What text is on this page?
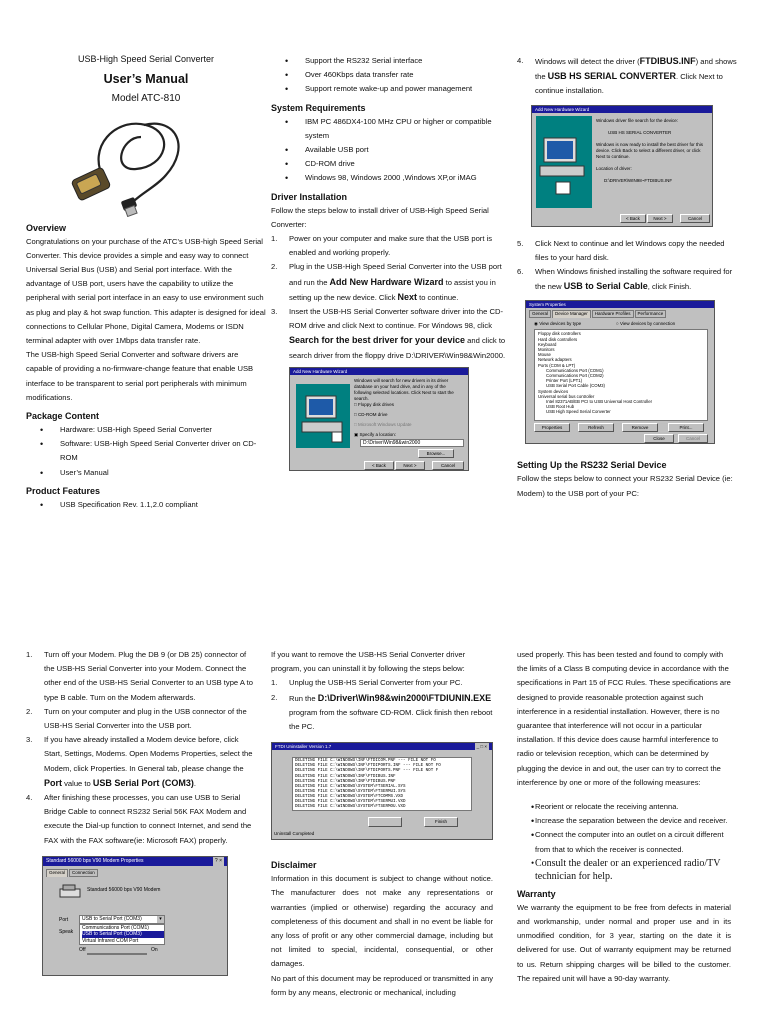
USB-High Speed Serial Converter
User’s Manual
Model ATC-810
Overview

Congratulations on your purchase of the ATC’s USB-high Speed Serial Converter. This device provides a simple and easy way to connect Universal Serial Bus (USB) and Serial port interface. With the advantage of USB port, users have the capability to utilize the peripheral with serial port interface in an easy to use environment such as plug and play & hot swap function. This adapter is designed for ideal connections to Cellular Phone, Digital Camera, Modems or ISDN terminal adapter with over 1Mbps data transfer rate.

The USB-high Speed Serial Converter and software drivers are capable of providing a no-firmware-change feature that enable USB interface to be transparent to serial port peripherals with minimum modifications.

Package Content
• Hardware: USB-High Speed Serial Converter
• Software: USB-High Speed Serial Converter driver on CD-ROM
• User’s Manual
Product Features
• USB Specification Rev. 1.1,2.0 compliant
• Support the RS232 Serial interface
• Over 460Kbps data transfer rate
• Support remote wake-up and power management
System Requirements
• IBM PC 486DX4-100 MHz CPU or higher or compatible system
• Available USB port
• CD-ROM drive
• Windows 98, Windows 2000 ,Windows XP,or iMAG
Driver Installation

Follow the steps below to install driver of USB-High Speed Serial Converter:

1. Power on your computer and make sure that the USB port is enabled and working properly.
2. Plug in the USB-High Speed Serial Converter into the USB port and run the Add New Hardware Wizard to assist you in setting up the new device. Click Next to continue.
3. Insert the USB-HS Serial Converter software driver into the CD-ROM drive and click Next to continue. For Windows 98, click Search for the best driver for your device and click to search driver from the floppy drive D:\DRIVER\Win98&Win2000.
Add New Hardware Wizard
Windows will search for new drivers in its driver database on your hard drive, and in any of the following selected locations. Click Next to start the search.
□ Floppy disk drives
□ CD-ROM drive
□ Microsoft Windows Update
▣ Specify a location:
D:\Driver\Win98&win2000
Browse...
< Back	Next >	Cancel
4. Windows will detect the driver (FTDIBUS.INF) and shows the USB HS SERIAL CONVERTER. Click Next to continue installation.
Add New Hardware Wizard
Windows driver file search for the device:
USB HS SERIAL CONVERTER
Windows is now ready to install the best driver for this device. Click Back to select a different driver, or click Next to continue.
Location of driver:
D:\DRIVER\WIN98~FTDIBUS.INF
< Back	Next >	Cancel
5. Click Next to continue and let Windows copy the needed files to your hard disk.
6. When Windows finished installing the software required for the new USB to Serial Cable, click Finish.
System Properties
General	Device Manager	Hardware Profiles	Performance
◉ View devices by type	○ View devices by connection
Floppy disk controllers
Hard disk controllers
Keyboard
Monitors
Mouse
Network adapters
Ports (COM & LPT)
Communications Port (COM1)
Communications Port (COM2)
Printer Port (LPT1)
USB Serial Port Cable (COM3)
System devices
Universal serial bus controller
Intel 82371AB/EB PCI to USB Universal Host Controller
USB Root Hub
USB High Speed Serial Converter
Properties	Refresh	Remove	Print...
Close	Cancel
Setting Up the RS232 Serial Device

Follow the steps below to connect your RS232 Serial Device (ie: Modem) to the USB port of your PC:

1. Turn off your Modem. Plug the DB 9 (or DB 25) connector of the USB-HS Serial Converter into your Modem. Connect the other end of the USB-HS Serial Converter to an USB type A to type B cable. Turn on the Modem afterwards.
2. Turn on your computer and plug in the USB connector of the USB-HS Serial Converter into the USB port.
3. If you have already installed a Modem device before, click Start, Settings, Modems. Open Modems Properties, select the Modem, click Properties. In General tab, please change the Port value to USB Serial Port (COM3).
4. After finishing these processes, you can use USB to Serial Bridge Cable to connect RS232 Serial 56K FAX Modem and execute the Dial-up function to connect Internet, and send the FAX with the FAX software(ie: Microsoft FAX) properly.
Standard 56000 bps V90 Modem Properties	? ×
General	Connection
Standard 56000 bps V90 Modem
Port	USB to Serial Port (COM3)	▾
Communications Port (COM1)
USB to Serial Port (COM3)
Virtual Infrared COM Port
Speak
Off	On

If you want to remove the USB-HS Serial Converter driver program, you can uninstall it by following the steps below:

1. Unplug the USB-HS Serial Converter from your PC.
2. Run the D:\Driver\Win98&win2000\FTDIUNIN.EXE program from the software CD-ROM. Click finish then reboot the PC.
FTDI Uninstaller Version 1.7	_ □ ×
DELETING FILE C:\WINDOWS\INF\FTDICOM.PNF --- FILE NOT FO
DELETING FILE C:\WINDOWS\INF\FTDIPORTS.INF --- FILE NOT FO
DELETING FILE C:\WINDOWS\INF\FTDIPORTS.PNF --- FILE NOT F
DELETING FILE C:\WINDOWS\INF\FTDIBUS.INF
DELETING FILE C:\WINDOWS\INF\FTDIBUS.PNF
DELETING FILE C:\WINDOWS\SYSTEM\FTSERIAL.SYS
DELETING FILE C:\WINDOWS\SYSTEM\FTSERMUI.SYS
DELETING FILE C:\WINDOWS\SYSTEM\FTCOMMS.VXD
DELETING FILE C:\WINDOWS\SYSTEM\FTSERMUI.VXD
DELETING FILE C:\WINDOWS\SYSTEM\FTSERMOU.VXD
Finish
Uninstall Completed
Disclaimer

Information in this document is subject to change without notice. The manufacturer does not make any representations or warranties (implied or otherwise) regarding the accuracy and completeness of this document and shall in no event be liable for any loss of profit or any other commercial damage, including but not limited to special, incidental, consequential, or other damages.

No part of this document may be reproduced or transmitted in any form by any means, electronic or mechanical, including

used properly. This has been tested and found to comply with the limits of a Class B computing device in accordance with the specifications in Part 15 of FCC Rules. These specifications are designed to provide reasonable protection against such interference in a residential installation. However, there is no guarantee that interference will not occur in a particular installation. If this device does cause harmful interference to radio or television reception, which can be determined by plugging the device in and out, the user can try to correct the interference by one or more of the following measures:

• Reorient or relocate the receiving antenna.
• Increase the separation between the device and receiver.
• Connect the computer into an outlet on a circuit different from that to which the receiver is connected.
• Consult the dealer or an experienced radio/TV technician for help.
Warranty

We warranty the equipment to be free from defects in material and workmanship, under normal and proper use and in its unmodified condition, for 3 year, starting on the date it is delivered for use. Out of warranty equipment may be returned to us. Return shipping charges will be billed to the customer. The repaired unit will have a 90-day warranty.
